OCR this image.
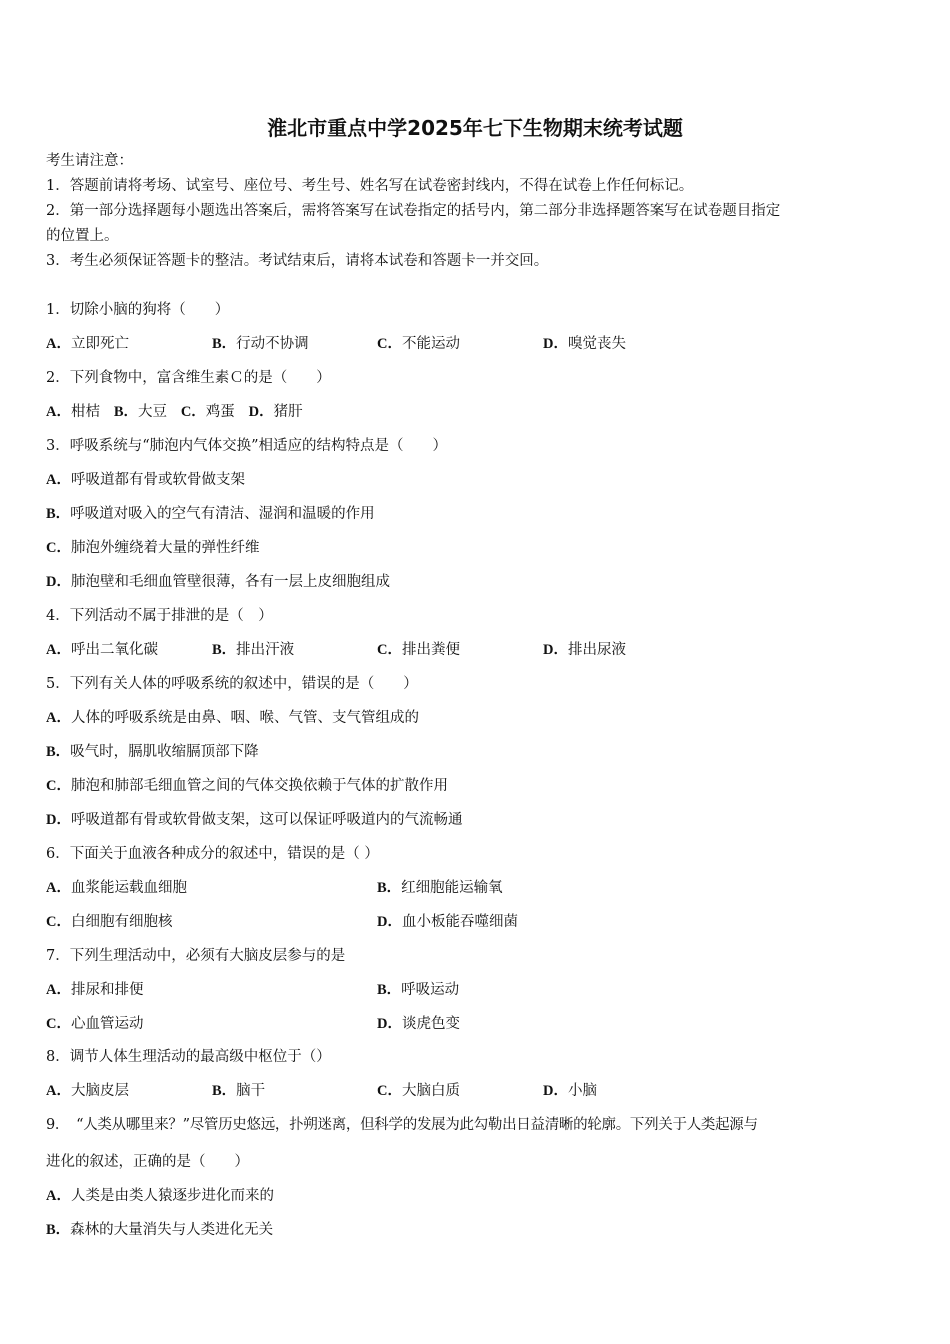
淮北市重点中学2025年七下生物期末统考试题
考生请注意：
1．答题前请将考场、试室号、座位号、考生号、姓名写在试卷密封线内，不得在试卷上作任何标记。
2．第一部分选择题每小题选出答案后，需将答案写在试卷指定的括号内，第二部分非选择题答案写在试卷题目指定
的位置上。
3．考生必须保证答题卡的整洁。考试结束后，请将本试卷和答题卡一并交回。
1．切除小脑的狗将（　　）
A．立即死亡	B．行动不协调	C．不能运动	D．嗅觉丧失
2．下列食物中，富含维生素Ｃ的是（　　）
A．柑桔 B．大豆 C．鸡蛋 D．猪肝
3．呼吸系统与“肺泡内气体交换”相适应的结构特点是（　　）
A．呼吸道都有骨或软骨做支架
B．呼吸道对吸入的空气有清洁、湿润和温暖的作用
C．肺泡外缠绕着大量的弹性纤维
D．肺泡壁和毛细血管壁很薄，各有一层上皮细胞组成
4．下列活动不属于排泄的是（　）
A．呼出二氧化碳	B．排出汗液	C．排出粪便	D．排出尿液
5．下列有关人体的呼吸系统的叙述中，错误的是（　　）
A．人体的呼吸系统是由鼻、咽、喉、气管、支气管组成的
B．吸气时，膈肌收缩膈顶部下降
C．肺泡和肺部毛细血管之间的气体交换依赖于气体的扩散作用
D．呼吸道都有骨或软骨做支架，这可以保证呼吸道内的气流畅通
6．下面关于血液各种成分的叙述中，错误的是（ ）
A．血浆能运载血细胞	B．红细胞能运输氧
C．白细胞有细胞核	D．血小板能吞噬细菌
7．下列生理活动中，必须有大脑皮层参与的是
A．排尿和排便	B．呼吸运动
C．心血管运动	D．谈虎色变
8．调节人体生理活动的最高级中枢位于（）
A．大脑皮层	B．脑干	C．大脑白质	D．小脑
9．　“人类从哪里来？”尽管历史悠远，扑朔迷离，但科学的发展为此勾勒出日益清晰的轮廓。下列关于人类起源与
进化的叙述，正确的是（　　）
A．人类是由类人猿逐步进化而来的
B．森林的大量消失与人类进化无关
